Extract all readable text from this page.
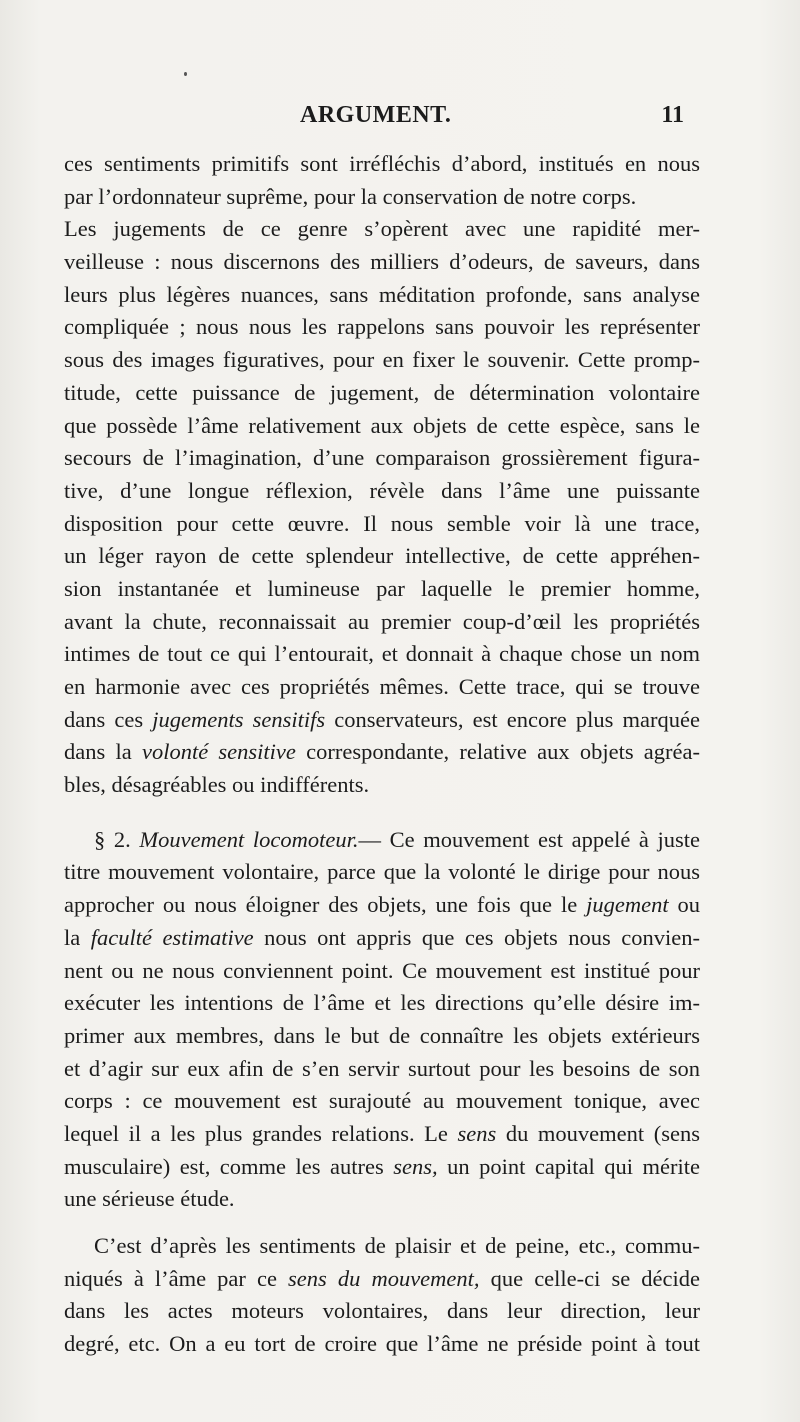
ARGUMENT.	11
ces sentiments primitifs sont irréfléchis d’abord, institués en nous
par l’ordonnateur suprême, pour la conservation de notre corps.
Les jugements de ce genre s’opèrent avec une rapidité mer-
veilleuse : nous discernons des milliers d’odeurs, de saveurs, dans
leurs plus légères nuances, sans méditation profonde, sans analyse
compliquée ; nous nous les rappelons sans pouvoir les représenter
sous des images figuratives, pour en fixer le souvenir. Cette promp-
titude, cette puissance de jugement, de détermination volontaire
que possède l’âme relativement aux objets de cette espèce, sans le
secours de l’imagination, d’une comparaison grossièrement figura-
tive, d’une longue réflexion, révèle dans l’âme une puissante
disposition pour cette œuvre. Il nous semble voir là une trace,
un léger rayon de cette splendeur intellective, de cette appréhen-
sion instantanée et lumineuse par laquelle le premier homme,
avant la chute, reconnaissait au premier coup-d’œil les propriétés
intimes de tout ce qui l’entourait, et donnait à chaque chose un nom
en harmonie avec ces propriétés mêmes. Cette trace, qui se trouve
dans ces jugements sensitifs conservateurs, est encore plus marquée
dans la volonté sensitive correspondante, relative aux objets agréa-
bles, désagréables ou indifférents.
§ 2. Mouvement locomoteur.— Ce mouvement est appelé à juste
titre mouvement volontaire, parce que la volonté le dirige pour nous
approcher ou nous éloigner des objets, une fois que le jugement ou
la faculté estimative nous ont appris que ces objets nous convien-
nent ou ne nous conviennent point. Ce mouvement est institué pour
exécuter les intentions de l’âme et les directions qu’elle désire im-
primer aux membres, dans le but de connaître les objets extérieurs
et d’agir sur eux afin de s’en servir surtout pour les besoins de son
corps : ce mouvement est surajouté au mouvement tonique, avec
lequel il a les plus grandes relations. Le sens du mouvement (sens
musculaire) est, comme les autres sens, un point capital qui mérite
une sérieuse étude.
C’est d’après les sentiments de plaisir et de peine, etc., commu-
niqués à l’âme par ce sens du mouvement, que celle-ci se décide
dans les actes moteurs volontaires, dans leur direction, leur
degré, etc. On a eu tort de croire que l’âme ne préside point à tout
